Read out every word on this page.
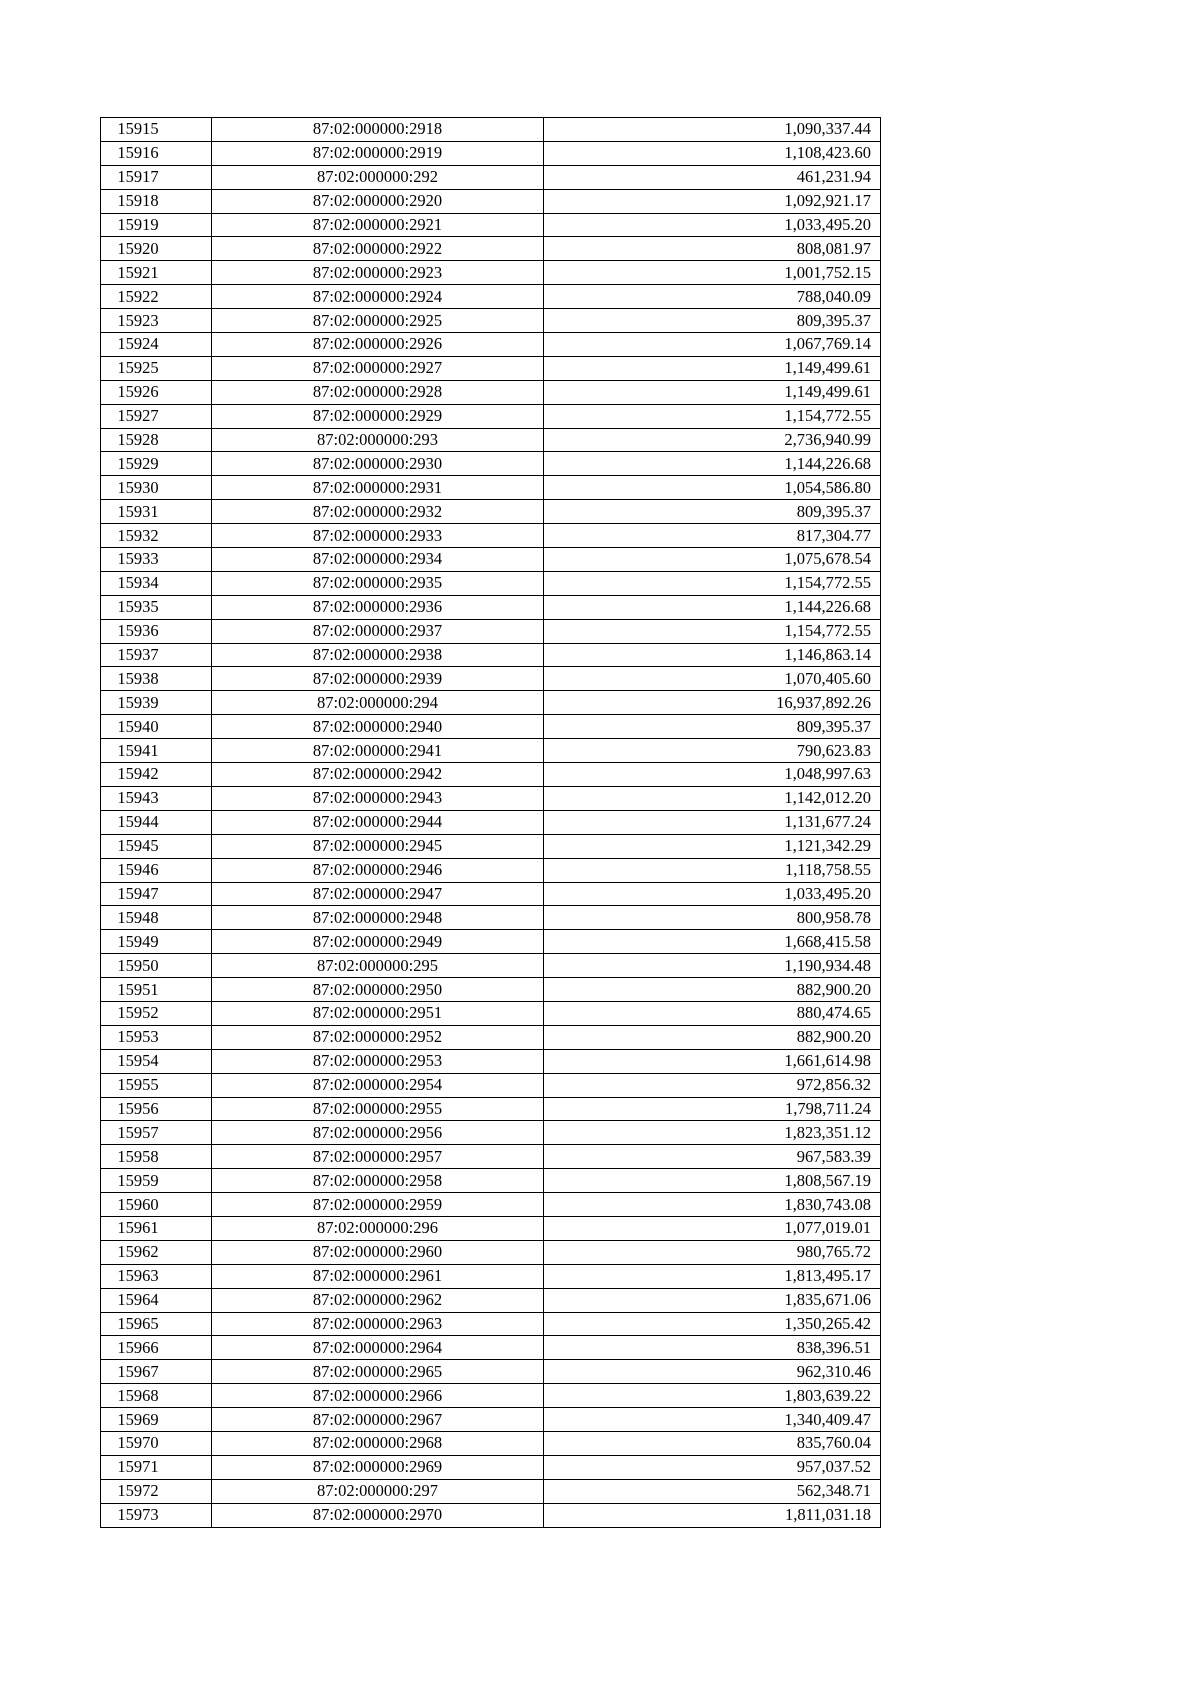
15915	87:02:000000:2918	1,090,337.44
15916	87:02:000000:2919	1,108,423.60
15917	87:02:000000:292	461,231.94
15918	87:02:000000:2920	1,092,921.17
15919	87:02:000000:2921	1,033,495.20
15920	87:02:000000:2922	808,081.97
15921	87:02:000000:2923	1,001,752.15
15922	87:02:000000:2924	788,040.09
15923	87:02:000000:2925	809,395.37
15924	87:02:000000:2926	1,067,769.14
15925	87:02:000000:2927	1,149,499.61
15926	87:02:000000:2928	1,149,499.61
15927	87:02:000000:2929	1,154,772.55
15928	87:02:000000:293	2,736,940.99
15929	87:02:000000:2930	1,144,226.68
15930	87:02:000000:2931	1,054,586.80
15931	87:02:000000:2932	809,395.37
15932	87:02:000000:2933	817,304.77
15933	87:02:000000:2934	1,075,678.54
15934	87:02:000000:2935	1,154,772.55
15935	87:02:000000:2936	1,144,226.68
15936	87:02:000000:2937	1,154,772.55
15937	87:02:000000:2938	1,146,863.14
15938	87:02:000000:2939	1,070,405.60
15939	87:02:000000:294	16,937,892.26
15940	87:02:000000:2940	809,395.37
15941	87:02:000000:2941	790,623.83
15942	87:02:000000:2942	1,048,997.63
15943	87:02:000000:2943	1,142,012.20
15944	87:02:000000:2944	1,131,677.24
15945	87:02:000000:2945	1,121,342.29
15946	87:02:000000:2946	1,118,758.55
15947	87:02:000000:2947	1,033,495.20
15948	87:02:000000:2948	800,958.78
15949	87:02:000000:2949	1,668,415.58
15950	87:02:000000:295	1,190,934.48
15951	87:02:000000:2950	882,900.20
15952	87:02:000000:2951	880,474.65
15953	87:02:000000:2952	882,900.20
15954	87:02:000000:2953	1,661,614.98
15955	87:02:000000:2954	972,856.32
15956	87:02:000000:2955	1,798,711.24
15957	87:02:000000:2956	1,823,351.12
15958	87:02:000000:2957	967,583.39
15959	87:02:000000:2958	1,808,567.19
15960	87:02:000000:2959	1,830,743.08
15961	87:02:000000:296	1,077,019.01
15962	87:02:000000:2960	980,765.72
15963	87:02:000000:2961	1,813,495.17
15964	87:02:000000:2962	1,835,671.06
15965	87:02:000000:2963	1,350,265.42
15966	87:02:000000:2964	838,396.51
15967	87:02:000000:2965	962,310.46
15968	87:02:000000:2966	1,803,639.22
15969	87:02:000000:2967	1,340,409.47
15970	87:02:000000:2968	835,760.04
15971	87:02:000000:2969	957,037.52
15972	87:02:000000:297	562,348.71
15973	87:02:000000:2970	1,811,031.18
